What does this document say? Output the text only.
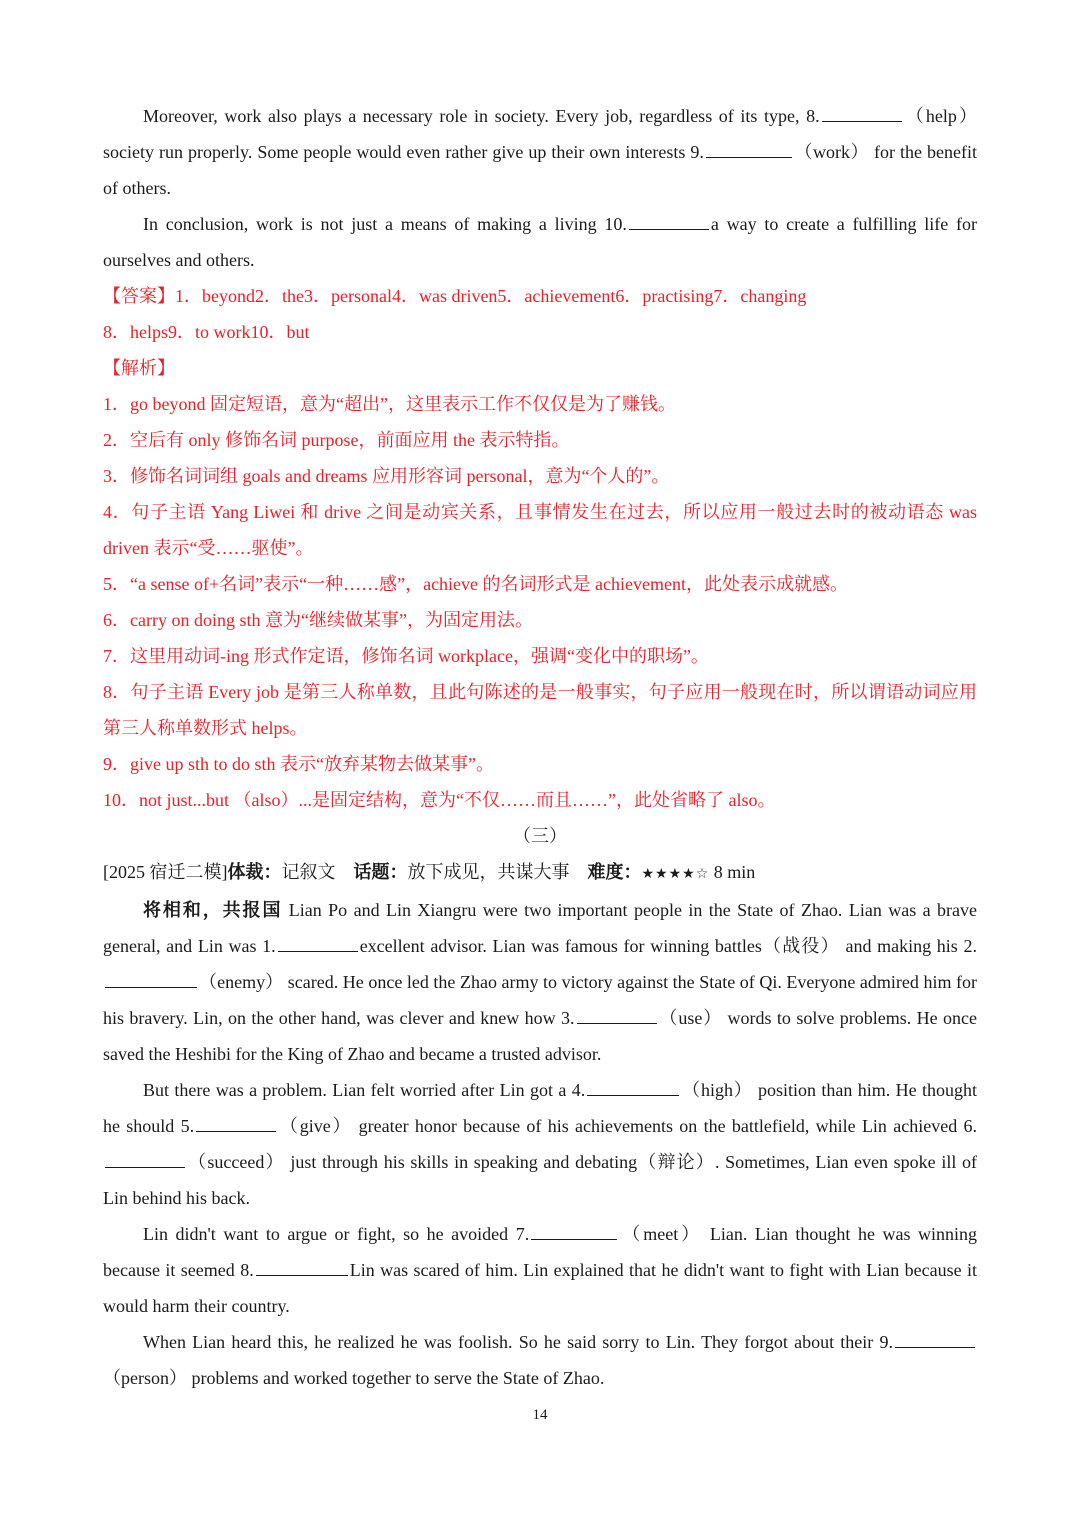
Moreover, work also plays a necessary role in society. Every job, regardless of its type, 8.	（help） society run properly. Some people would even rather give up their own interests 9.	（work） for the benefit of others.

In conclusion, work is not just a means of making a living 10.	a way to create a fulfilling life for ourselves and others.

【答案】1．beyond2．the3．personal4．was driven5．achievement6．practising7．changing

8．helps9．to work10．but

【解析】

1．go beyond 固定短语，意为“超出”，这里表示工作不仅仅是为了赚钱。

2．空后有 only 修饰名词 purpose，前面应用 the 表示特指。

3．修饰名词词组 goals and dreams 应用形容词 personal，意为“个人的”。

4．句子主语 Yang Liwei 和 drive 之间是动宾关系，且事情发生在过去，所以应用一般过去时的被动语态 was driven 表示“受……驱使”。

5．“a sense of+名词”表示“一种……感”，achieve 的名词形式是 achievement，此处表示成就感。

6．carry on doing sth 意为“继续做某事”，为固定用法。

7．这里用动词-ing 形式作定语，修饰名词 workplace，强调“变化中的职场”。

8．句子主语 Every job 是第三人称单数，且此句陈述的是一般事实，句子应用一般现在时，所以谓语动词应用第三人称单数形式 helps。

9．give up sth to do sth 表示“放弃某物去做某事”。

10．not just...but （also）...是固定结构，意为“不仅……而且……”，此处省略了 also。

（三）

[2025 宿迁二模]体裁：记叙文 话题：放下成见，共谋大事 难度：★★★★☆ 8 min

将相和，共报国 Lian Po and Lin Xiangru were two important people in the State of Zhao. Lian was a brave general, and Lin was 1.	excellent advisor. Lian was famous for winning battles（战役） and making his 2.（enemy） scared. He once led the Zhao army to victory against the State of Qi. Everyone admired him for his bravery. Lin, on the other hand, was clever and knew how 3.	（use） words to solve problems. He once saved the Heshibi for the King of Zhao and became a trusted advisor.

But there was a problem. Lian felt worried after Lin got a 4.	（high） position than him. He thought he should 5.	（give） greater honor because of his achievements on the battlefield, while Lin achieved 6.（succeed） just through his skills in speaking and debating（辩论）. Sometimes, Lian even spoke ill of Lin behind his back.

Lin didn't want to argue or fight, so he avoided 7.	（meet） Lian. Lian thought he was winning because it seemed 8.	Lin was scared of him. Lin explained that he didn't want to fight with Lian because it would harm their country.

When Lian heard this, he realized he was foolish. So he said sorry to Lin. They forgot about their 9.（person） problems and worked together to serve the State of Zhao.

14
